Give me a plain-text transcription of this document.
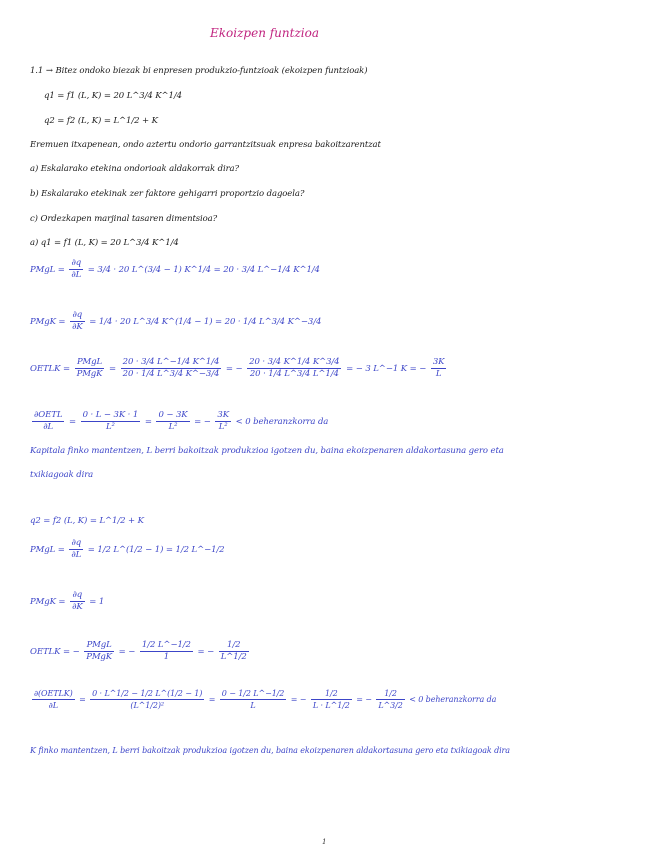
Ekoizpen funtzioa
1.1 → Bitez ondoko biezak bi enpresen produkzio-funtzioak (ekoizpen funtzioak)
q1 = f1 (L, K) = 20 L^3/4 K^1/4
q2 = f2 (L, K) = L^1/2 + K
Eremuen itxapenean, ondo aztertu ondorio garrantzitsuak enpresa bakoitzarentzat
a) Eskalarako etekina ondorioak aldakorrak dira?
b) Eskalarako etekinak zer faktore gehigarri proportzio dagoela?
c) Ordezkapen marjinal tasaren dimentsioa?
a) q1 = f1 (L, K) = 20 L^3/4 K^1/4
PMgL = $\frac{\partial q}{\partial L} = 3/4 \cdot 20$ L^(3/4 − 1) K^1/4 = 20 · 3/4 L^−1/4 K^1/4
PMgK = $\frac{\partial q}{\partial K} = 1/4 \cdot 20$ L^3/4 K^(1/4 − 1) = 20 · 1/4 L^3/4 K^−3/4
OETLK = $\frac{\text{PMgL}}{\text{PMgK}} = \frac{20 \cdot 3/4 L\^{}-1/4 K\^{}1/4}{20 \cdot 1/4 L\^{}3/4 K\^{}-3/4}$ = − $\frac{20 \cdot 3/4 K\^{}1/4 K\^{}3/4}{20 \cdot 1/4 L\^{}3/4 L\^{}1/4}$ = − 3 L^−1 K = − $\frac{3K}{L}$
$\frac{\text{∂OETL}}{\partial L} = \frac{0 \cdot L - 3K \cdot 1}{\text{L²}} = \frac{0 - 3K}{\text{L²}}$ = − $\frac{3K}{\text{L²}} < 0$ beheranzkorra da
Kapitala finko mantentzen, L berri bakoitzak produkzioa igotzen du, baina ekoizpenaren aldakortasuna gero eta
txikiagoak dira
q2 = f2 (L, K) = L^1/2 + K
PMgL = $\frac{\partial q}{\partial L} = 1/2$ L^(1/2 − 1) = 1/2 L^−1/2
PMgK = $\frac{\partial q}{\partial K} = 1$
OETLK = − $\frac{\text{PMgL}}{\text{PMgK}}$ = − $\frac{1/2 L\^{}-1/2}{1}$ = − $\frac{1/2}{L\^{}1/2}$
$\frac{\text{∂(OETLK)}}{\partial L} = \frac{0 \cdot L\^{}1/2 - 1/2 L\^{}(1/2 - 1)}{\text{(L\textasciicircum{}1/2)²}} = \frac{0 - 1/2 L\^{}-1/2}{L}$ = − $\frac{1/2}{L \cdot L\^{}1/2}$ = − $\frac{1/2}{L\^{}3/2} < 0$ beheranzkorra da
K finko mantentzen, L berri bakoitzak produkzioa igotzen du, baina ekoizpenaren aldakortasuna gero eta txikiagoak dira
1
